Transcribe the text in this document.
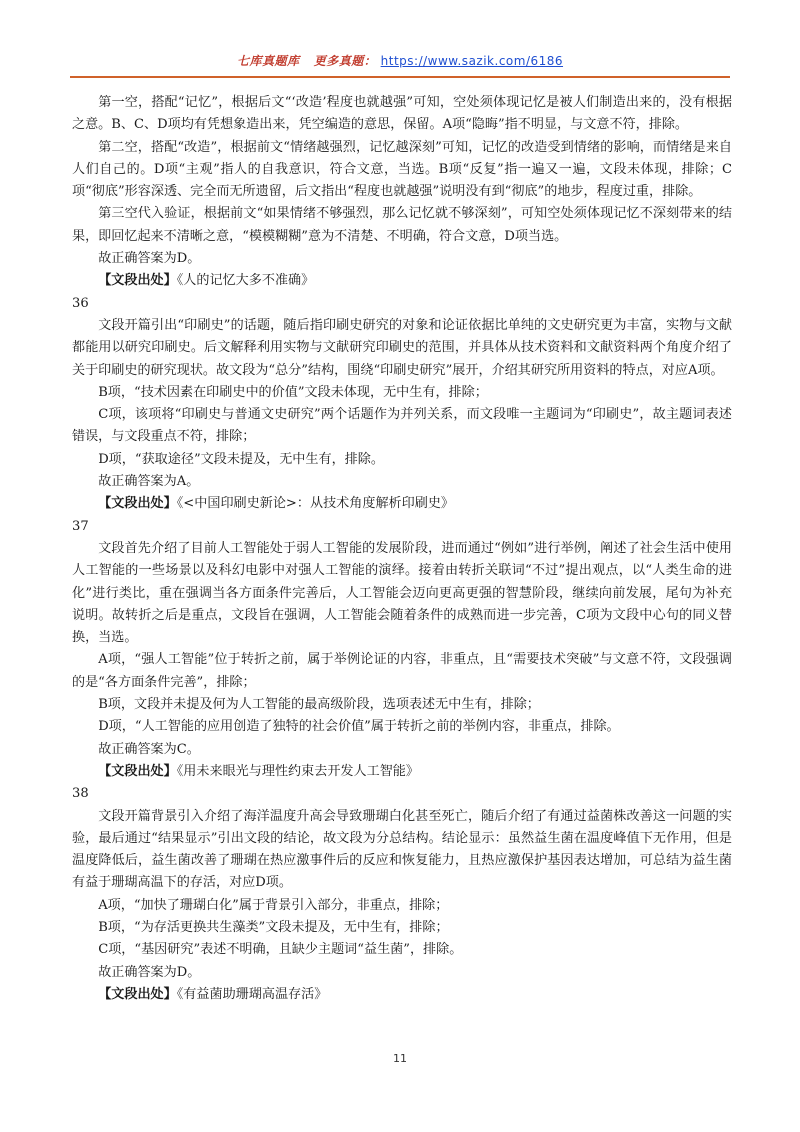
七库真题库 更多真题： https://www.sazik.com/6186

第一空，搭配“记忆”，根据后文“‘改造’程度也就越强”可知，空处须体现记忆是被人们制造出来的，没有根据之意。B、C、D项均有凭想象造出来，凭空编造的意思，保留。A项“隐晦”指不明显，与文意不符，排除。

第二空，搭配“改造”，根据前文“情绪越强烈，记忆越深刻”可知，记忆的改造受到情绪的影响，而情绪是来自人们自己的。D项“主观”指人的自我意识，符合文意，当选。B项“反复”指一遍又一遍，文段未体现，排除；C项“彻底”形容深透、完全而无所遗留，后文指出“程度也就越强”说明没有到“彻底”的地步，程度过重，排除。

第三空代入验证，根据前文“如果情绪不够强烈，那么记忆就不够深刻”，可知空处须体现记忆不深刻带来的结果，即回忆起来不清晰之意，“模模糊糊”意为不清楚、不明确，符合文意，D项当选。

故正确答案为D。

【文段出处】《人的记忆大多不准确》

36

文段开篇引出“印刷史”的话题，随后指印刷史研究的对象和论证依据比单纯的文史研究更为丰富，实物与文献都能用以研究印刷史。后文解释利用实物与文献研究印刷史的范围，并具体从技术资料和文献资料两个角度介绍了关于印刷史的研究现状。故文段为“总分”结构，围绕“印刷史研究”展开，介绍其研究所用资料的特点，对应A项。

B项，“技术因素在印刷史中的价值”文段未体现，无中生有，排除；

C项，该项将“印刷史与普通文史研究”两个话题作为并列关系，而文段唯一主题词为“印刷史”，故主题词表述错误，与文段重点不符，排除；

D项，“获取途径”文段未提及，无中生有，排除。

故正确答案为A。

【文段出处】《<中国印刷史新论>：从技术角度解析印刷史》

37

文段首先介绍了目前人工智能处于弱人工智能的发展阶段，进而通过“例如”进行举例，阐述了社会生活中使用人工智能的一些场景以及科幻电影中对强人工智能的演绎。接着由转折关联词“不过”提出观点，以“人类生命的进化”进行类比，重在强调当各方面条件完善后，人工智能会迈向更高更强的智慧阶段，继续向前发展，尾句为补充说明。故转折之后是重点，文段旨在强调，人工智能会随着条件的成熟而进一步完善，C项为文段中心句的同义替换，当选。

A项，“强人工智能”位于转折之前，属于举例论证的内容，非重点，且“需要技术突破”与文意不符，文段强调的是“各方面条件完善”，排除；

B项，文段并未提及何为人工智能的最高级阶段，选项表述无中生有，排除；

D项，“人工智能的应用创造了独特的社会价值”属于转折之前的举例内容，非重点，排除。

故正确答案为C。

【文段出处】《用未来眼光与理性约束去开发人工智能》

38

文段开篇背景引入介绍了海洋温度升高会导致珊瑚白化甚至死亡，随后介绍了有通过益菌株改善这一问题的实验，最后通过“结果显示”引出文段的结论，故文段为分总结构。结论显示：虽然益生菌在温度峰值下无作用，但是温度降低后，益生菌改善了珊瑚在热应激事件后的反应和恢复能力，且热应激保护基因表达增加，可总结为益生菌有益于珊瑚高温下的存活，对应D项。

A项，“加快了珊瑚白化”属于背景引入部分，非重点，排除；

B项，“为存活更换共生藻类”文段未提及，无中生有，排除；

C项，“基因研究”表述不明确，且缺少主题词“益生菌”，排除。

故正确答案为D。

【文段出处】《有益菌助珊瑚高温存活》

11
